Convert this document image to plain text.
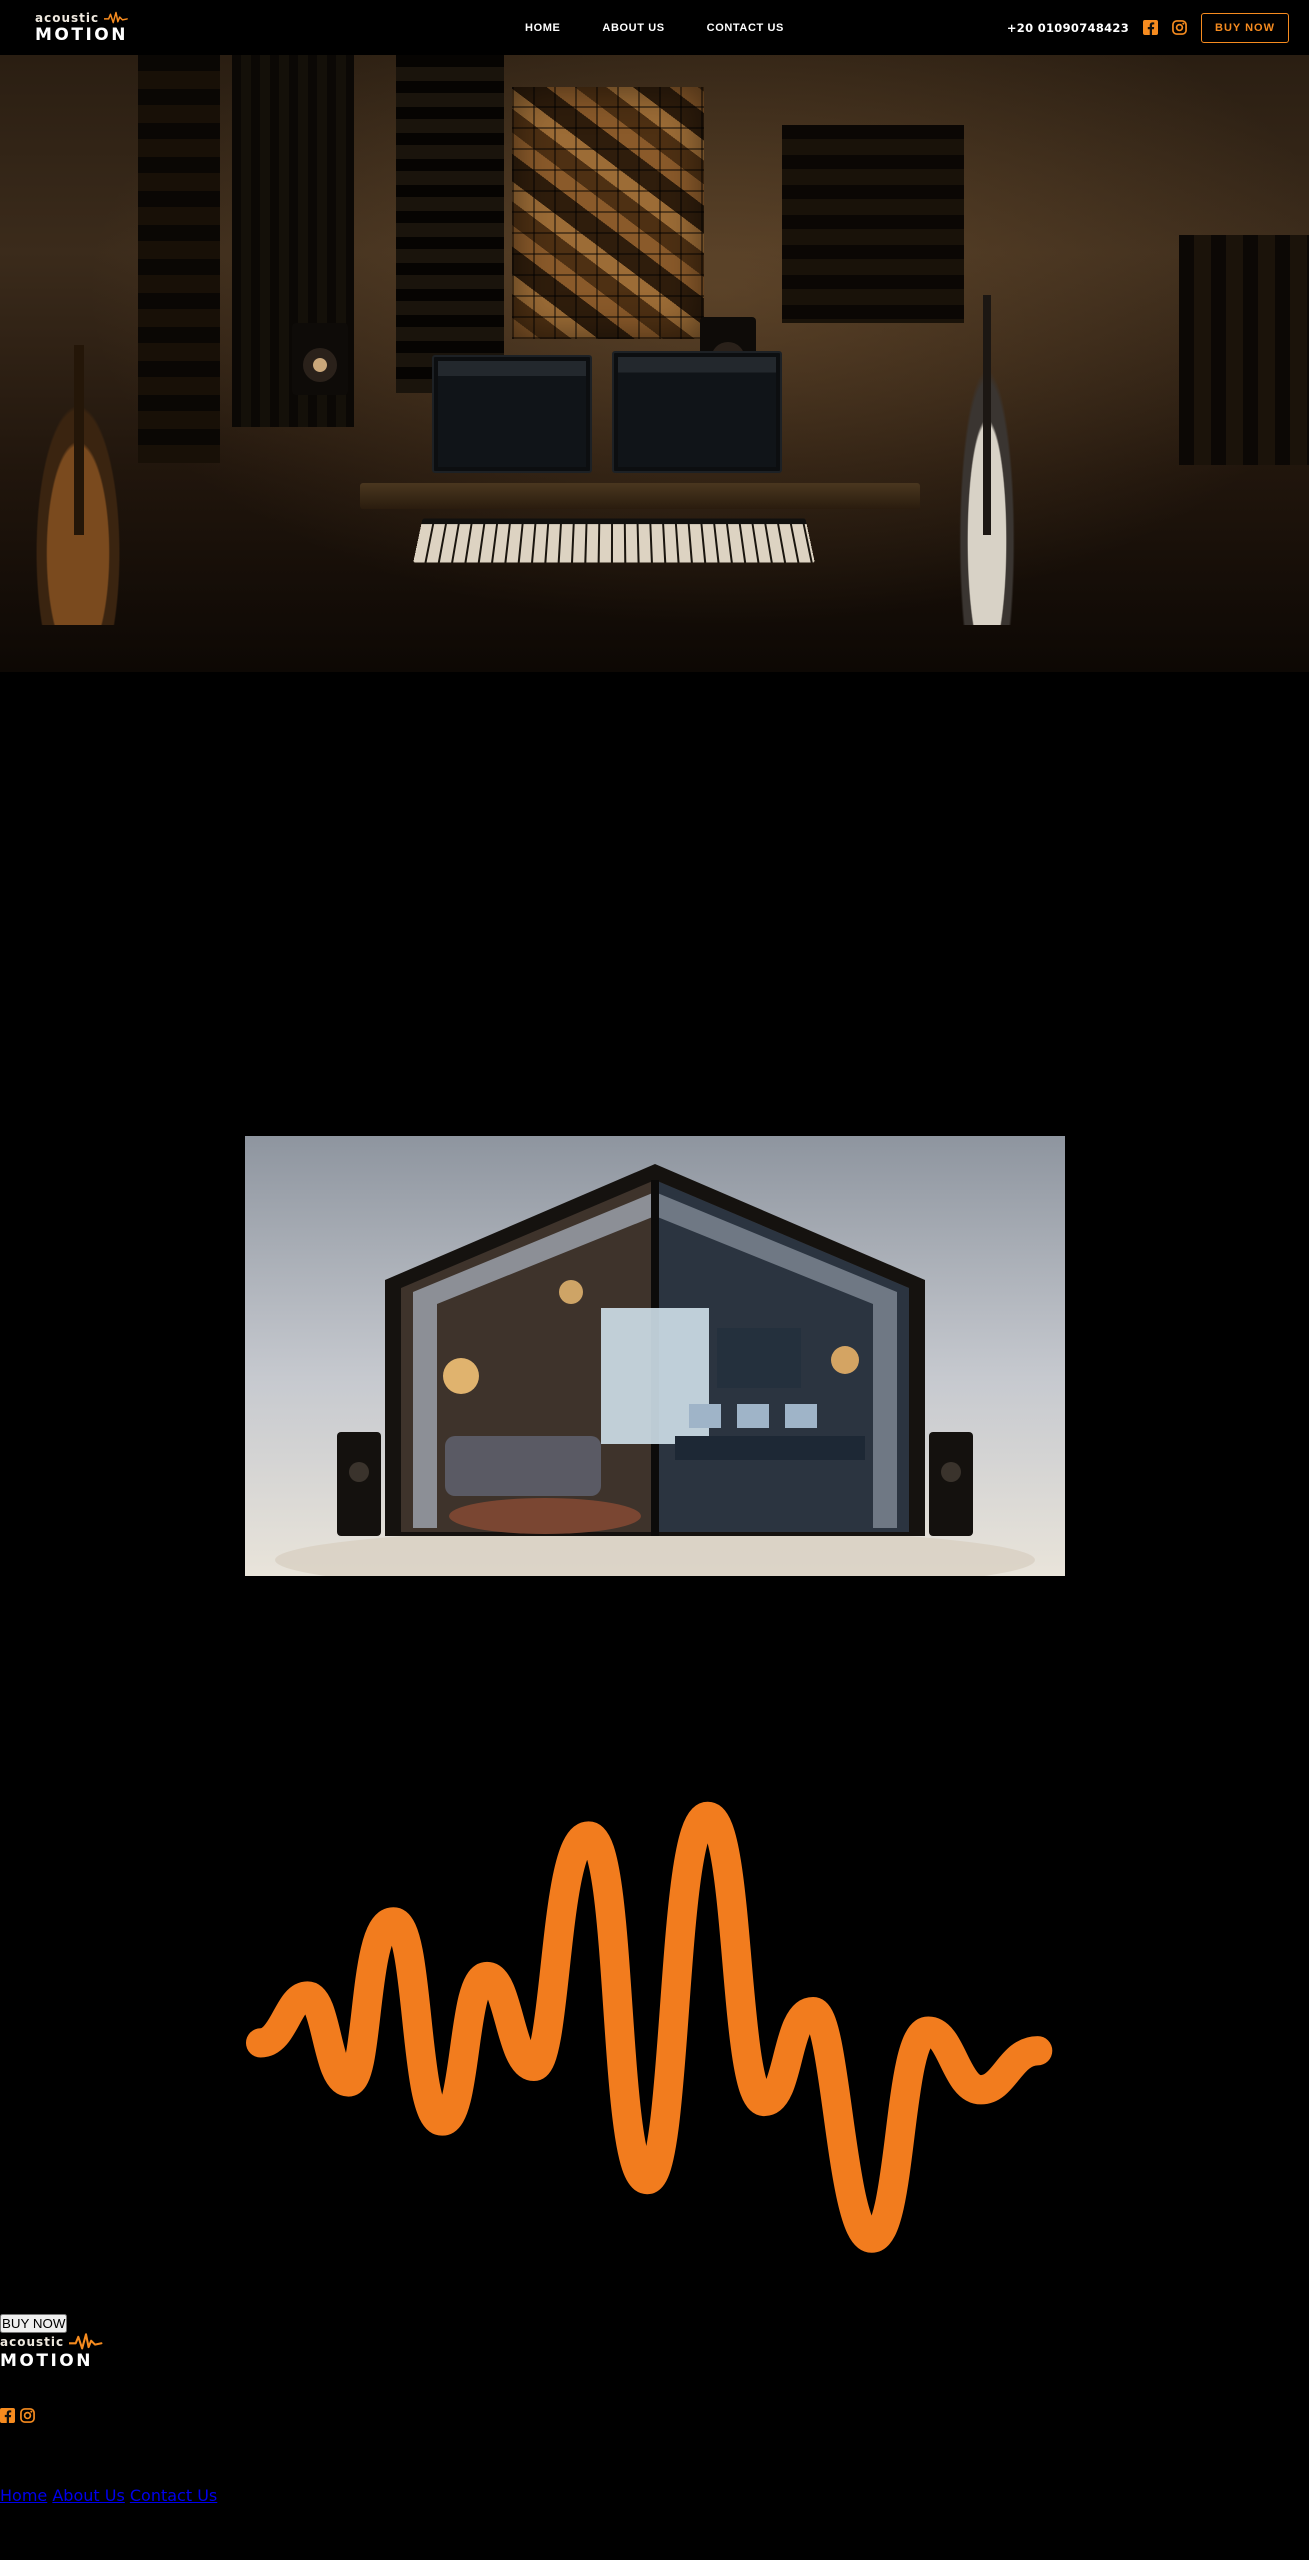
acoustic
MOTION	HOME	ABOUT US	CONTACT US	+20 01090748423	BUY NOW
Silence Redesigned ,
Sound Perfected
Bespoke Sound Solutions
Every space has its own acoustic identity. Our custom-designed soundproofing treatments are crafted to meet the unique demands of your environment, ensuring a perfect harmony between functionality and design.
Advanced Acoustical Analysis
Leveraging the latest in sound analysis technology, we provide in-depth assessments to pinpoint your space's specific soundproofing needs, delivering targeted solutions that resonate with precision.
Sustainable Practices
At Acoustic Motion Company, sustainability is at the core of our operations. We offer eco-friendly sound insulation options that not only improve acoustics but also contribute to a greener planet.
Innovative Materials
Our research team stays at the cutting edge, sourcing and implementing the most advanced materials that set new standards for sound insulation performance and aesthetic appeal.
Expert Installation
Our experienced technicians ensure flawless installation with minimal disruption, transforming your space into a serene sanctuary for focus and creativity.
Aftercare Support
We pride ourselves on outstanding aftercare support. From maintenance tips to follow-up consultations, we're here to ensure your acoustic solutions continue to perform at their best.
A SYMPHONY OF SERVICES
Personalized sound solutions for every space, from homes to high-rises
Home Acoustic Analysis
- Personalized assessments to optimize sound quality in different rooms.
- DIY kits tailored to individual room acoustics and preferences.
- Online consultations for soundproofing advice and tips.
- Blending soundproofing solutions with decorative elements to enhance home aesthetics.
Corporate Acoustic Design
- Tailored sound treatment solutions for offices, conference rooms, and common areas.
- Custom solutions for theaters, auditoriums, and event spaces.
- Specialized solutions for hotels, restaurants, and spas.
- Sound treatment for classrooms, lecture halls, and libraries.
- Heavy-duty soundproofing options for factories and industrial settings.
Browse Our Acoustic Solutions
BUY NOW
acoustic
MOTION
We specialized in sound insulation and
treatment with different and unique designs

Contact us
5077 Area, Mokattam Hills, El Mokattam, Cairo, Egypt
+20 01090748423
Home About Us Contact Us
